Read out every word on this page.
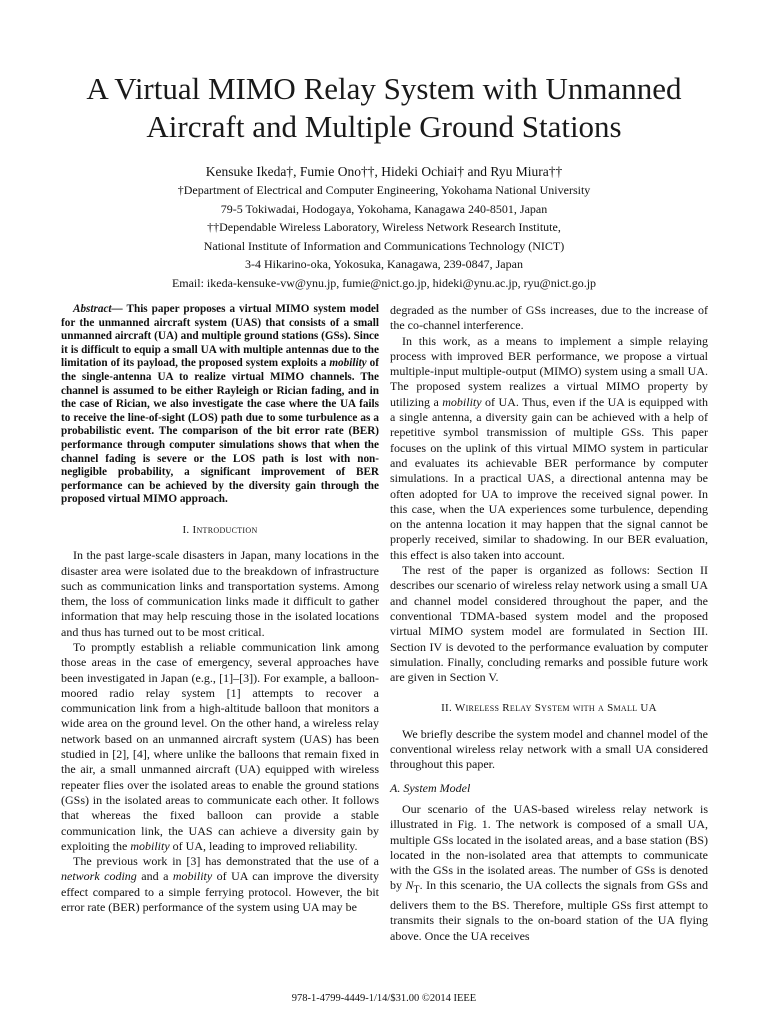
A Virtual MIMO Relay System with Unmanned Aircraft and Multiple Ground Stations
Kensuke Ikeda†, Fumie Ono††, Hideki Ochiai† and Ryu Miura††
†Department of Electrical and Computer Engineering, Yokohama National University
79-5 Tokiwadai, Hodogaya, Yokohama, Kanagawa 240-8501, Japan
††Dependable Wireless Laboratory, Wireless Network Research Institute,
National Institute of Information and Communications Technology (NICT)
3-4 Hikarino-oka, Yokosuka, Kanagawa, 239-0847, Japan
Email: ikeda-kensuke-vw@ynu.jp, fumie@nict.go.jp, hideki@ynu.ac.jp, ryu@nict.go.jp

Abstract— This paper proposes a virtual MIMO system model for the unmanned aircraft system (UAS) that consists of a small unmanned aircraft (UA) and multiple ground stations (GSs). Since it is difficult to equip a small UA with multiple antennas due to the limitation of its payload, the proposed system exploits a mobility of the single-antenna UA to realize virtual MIMO channels. The channel is assumed to be either Rayleigh or Rician fading, and in the case of Rician, we also investigate the case where the UA fails to receive the line-of-sight (LOS) path due to some turbulence as a probabilistic event. The comparison of the bit error rate (BER) performance through computer simulations shows that when the channel fading is severe or the LOS path is lost with non-negligible probability, a significant improvement of BER performance can be achieved by the diversity gain through the proposed virtual MIMO approach.

I. Introduction

In the past large-scale disasters in Japan, many locations in the disaster area were isolated due to the breakdown of infrastructure such as communication links and transportation systems. Among them, the loss of communication links made it difficult to gather information that may help rescuing those in the isolated locations and thus has turned out to be most critical.

To promptly establish a reliable communication link among those areas in the case of emergency, several approaches have been investigated in Japan (e.g., [1]–[3]). For example, a balloon-moored radio relay system [1] attempts to recover a communication link from a high-altitude balloon that monitors a wide area on the ground level. On the other hand, a wireless relay network based on an unmanned aircraft system (UAS) has been studied in [2], [4], where unlike the balloons that remain fixed in the air, a small unmanned aircraft (UA) equipped with wireless repeater flies over the isolated areas to enable the ground stations (GSs) in the isolated areas to communicate each other. It follows that whereas the fixed balloon can provide a stable communication link, the UAS can achieve a diversity gain by exploiting the mobility of UA, leading to improved reliability.

The previous work in [3] has demonstrated that the use of a network coding and a mobility of UA can improve the diversity effect compared to a simple ferrying protocol. However, the bit error rate (BER) performance of the system using UA may be

degraded as the number of GSs increases, due to the increase of the co-channel interference.

In this work, as a means to implement a simple relaying process with improved BER performance, we propose a virtual multiple-input multiple-output (MIMO) system using a small UA. The proposed system realizes a virtual MIMO property by utilizing a mobility of UA. Thus, even if the UA is equipped with a single antenna, a diversity gain can be achieved with a help of repetitive symbol transmission of multiple GSs. This paper focuses on the uplink of this virtual MIMO system in particular and evaluates its achievable BER performance by computer simulations. In a practical UAS, a directional antenna may be often adopted for UA to improve the received signal power. In this case, when the UA experiences some turbulence, depending on the antenna location it may happen that the signal cannot be properly received, similar to shadowing. In our BER evaluation, this effect is also taken into account.

The rest of the paper is organized as follows: Section II describes our scenario of wireless relay network using a small UA and channel model considered throughout the paper, and the conventional TDMA-based system model and the proposed virtual MIMO system model are formulated in Section III. Section IV is devoted to the performance evaluation by computer simulation. Finally, concluding remarks and possible future work are given in Section V.

II. Wireless Relay System with a Small UA

We briefly describe the system model and channel model of the conventional wireless relay network with a small UA considered throughout this paper.

A. System Model

Our scenario of the UAS-based wireless relay network is illustrated in Fig. 1. The network is composed of a small UA, multiple GSs located in the isolated areas, and a base station (BS) located in the non-isolated area that attempts to communicate with the GSs in the isolated areas. The number of GSs is denoted by $N_T$. In this scenario, the UA collects the signals from GSs and delivers them to the BS. Therefore, multiple GSs first attempt to transmits their signals to the on-board station of the UA flying above. Once the UA receives

978-1-4799-4449-1/14/$31.00 ©2014 IEEE
